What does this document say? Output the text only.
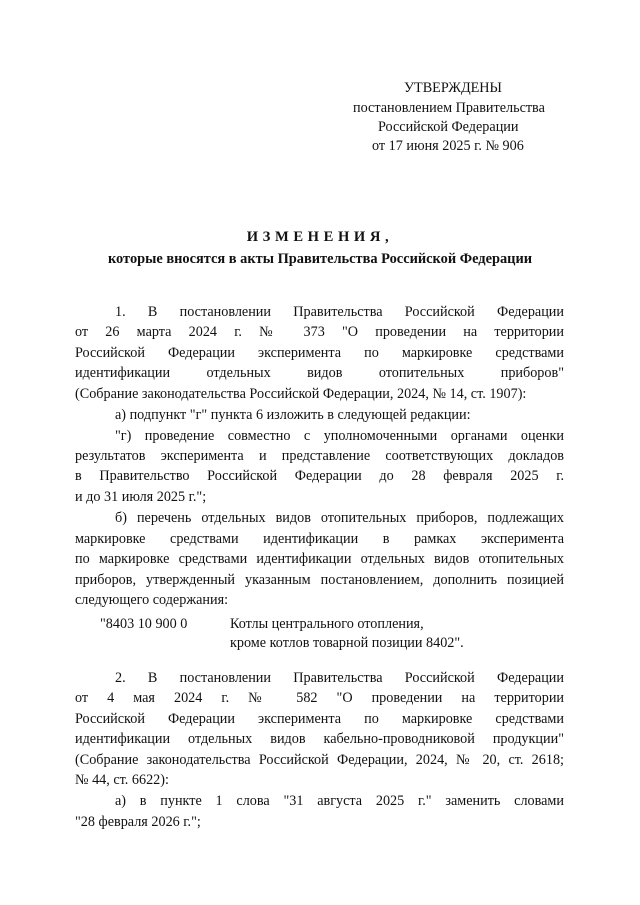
УТВЕРЖДЕНЫ
постановлением Правительства
Российской Федерации
от 17 июня 2025 г. № 906
ИЗМЕНЕНИЯ,
которые вносятся в акты Правительства Российской Федерации
1. В постановлении Правительства Российской Федерации
от 26 марта 2024 г. № 373 "О проведении на территории
Российской Федерации эксперимента по маркировке средствами
идентификации отдельных видов отопительных приборов"
(Собрание законодательства Российской Федерации, 2024, № 14, ст. 1907):
а) подпункт "г" пункта 6 изложить в следующей редакции:
"г) проведение совместно с уполномоченными органами оценки
результатов эксперимента и представление соответствующих докладов
в Правительство Российской Федерации до 28 февраля 2025 г.
и до 31 июля 2025 г.";
б) перечень отдельных видов отопительных приборов, подлежащих
маркировке средствами идентификации в рамках эксперимента
по маркировке средствами идентификации отдельных видов отопительных
приборов, утвержденный указанным постановлением, дополнить позицией
следующего содержания:
"8403 10 900 0	Котлы центрального отопления,
кроме котлов товарной позиции 8402".
2. В постановлении Правительства Российской Федерации
от 4 мая 2024 г. № 582 "О проведении на территории
Российской Федерации эксперимента по маркировке средствами
идентификации отдельных видов кабельно-проводниковой продукции"
(Собрание законодательства Российской Федерации, 2024, № 20, ст. 2618;
№ 44, ст. 6622):
а) в пункте 1 слова "31 августа 2025 г." заменить словами
"28 февраля 2026 г.";
